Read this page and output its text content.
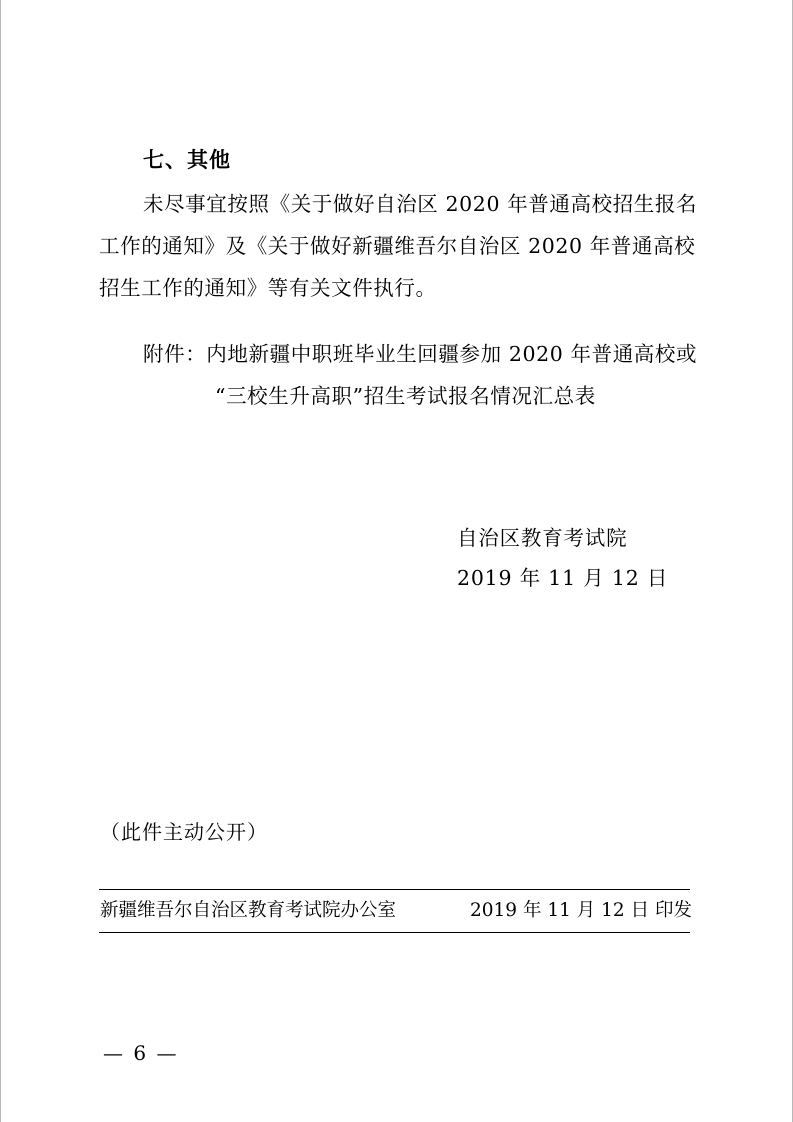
七、其他
未尽事宜按照《关于做好自治区 2020 年普通高校招生报名
工作的通知》及《关于做好新疆维吾尔自治区 2020 年普通高校
招生工作的通知》等有关文件执行。
附件：内地新疆中职班毕业生回疆参加 2020 年普通高校或
“三校生升高职”招生考试报名情况汇总表
自治区教育考试院
2019 年 11 月 12 日
（此件主动公开）
新疆维吾尔自治区教育考试院办公室	2019 年 11 月 12 日 印发
— 6 —
